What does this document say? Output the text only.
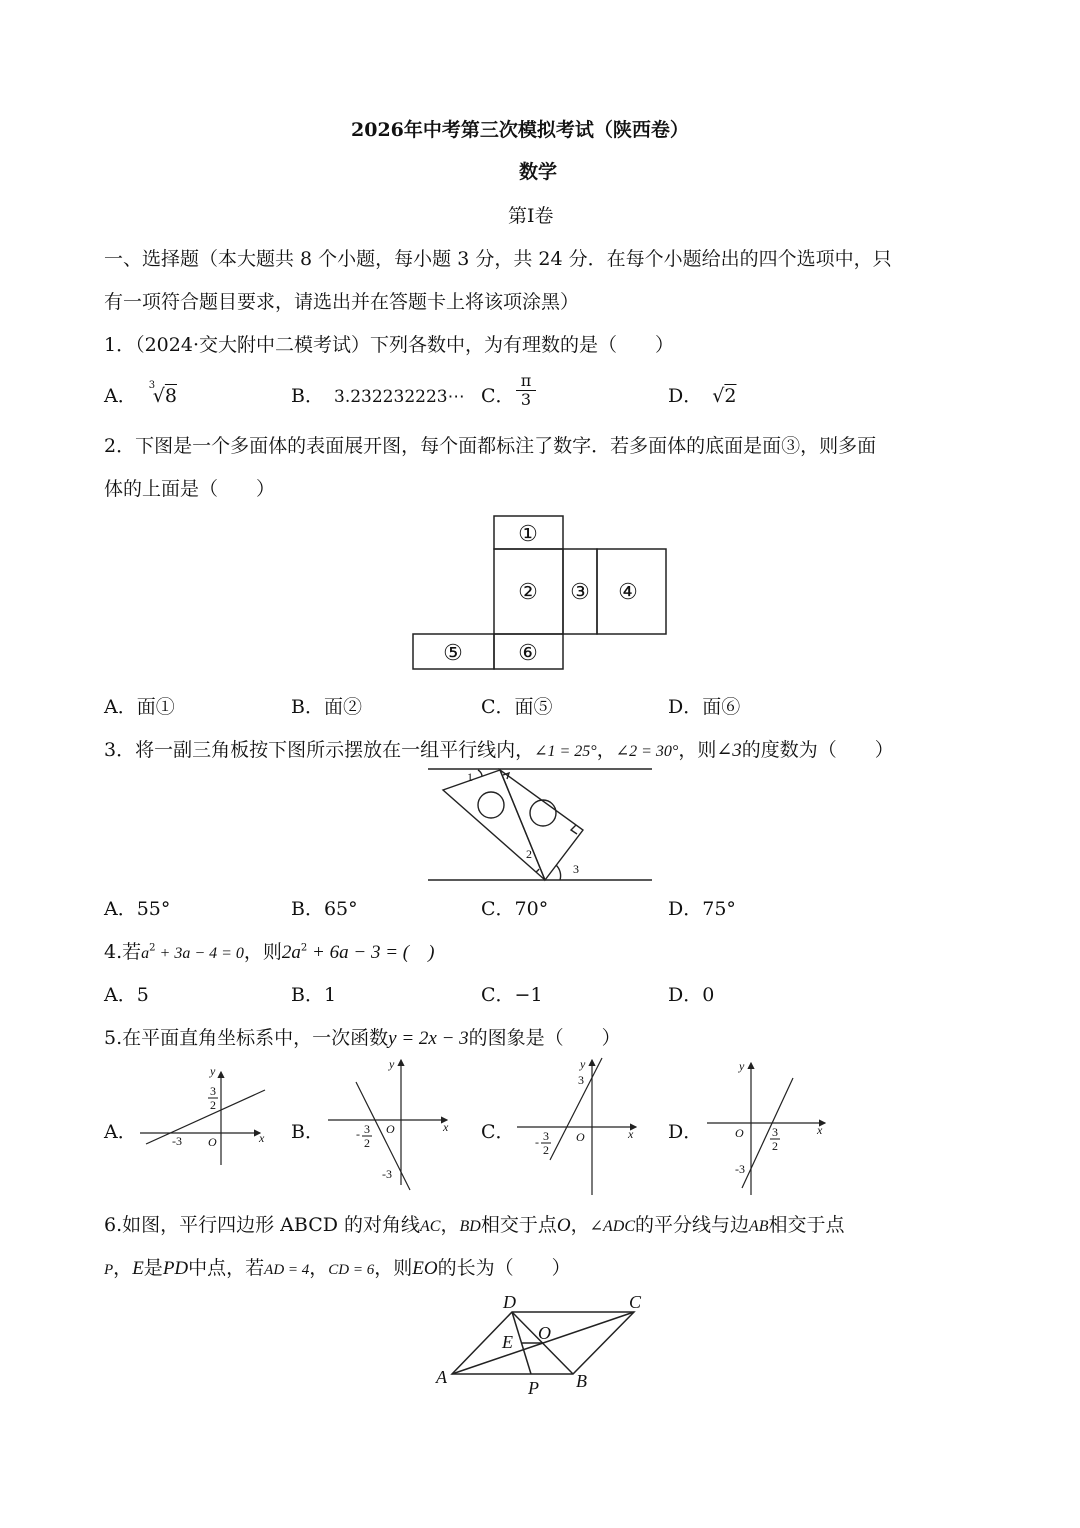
2026年中考第三次模拟考试（陕西卷）
数学
第Ⅰ卷
一、选择题（本大题共 8 个小题，每小题 3 分，共 24 分．在每个小题给出的四个选项中，只
有一项符合题目要求，请选出并在答题卡上将该项涂黑）
1．（2024·交大附中二模考试）下列各数中，为有理数的是（　　）
A． 3
√8	B． 3.232232223⋯ C． $\frac{\pi}{3}$	D． √2
2．下图是一个多面体的表面展开图，每个面都标注了数字．若多面体的底面是面③，则多面
体的上面是（　　）
①
② ③ ④
⑤	⑥
A．面①	B．面②	C．面⑤	D．面⑥
3．将一副三角板按下图所示摆放在一组平行线内，∠1 = 25°，∠2 = 30°，则∠3的度数为（　　）
1
2
3
A．55°	B．65°	C．70°	D．75°
4.若$a^2 + 3a - 4 = 0$，则$2a^2 + 6a - 3$ = (　)
A．5	B．1	C．−1	D．0
5.在平面直角坐标系中，一次函数y = 2x − 3的图象是（　　）
A．	B．	C．	D．
y
x
O
-3
3
2
y
x
O
- 3
2
-3
y
x
O
3
- 3
2
y
x
O 3
2
-3
6.如图，平行四边形 ABCD 的对角线AC，BD相交于点O，∠ADC的平分线与边AB相交于点
P，E是PD中点，若AD = 4，CD = 6，则EO的长为（　　）
A	B
C
D
E O
P
